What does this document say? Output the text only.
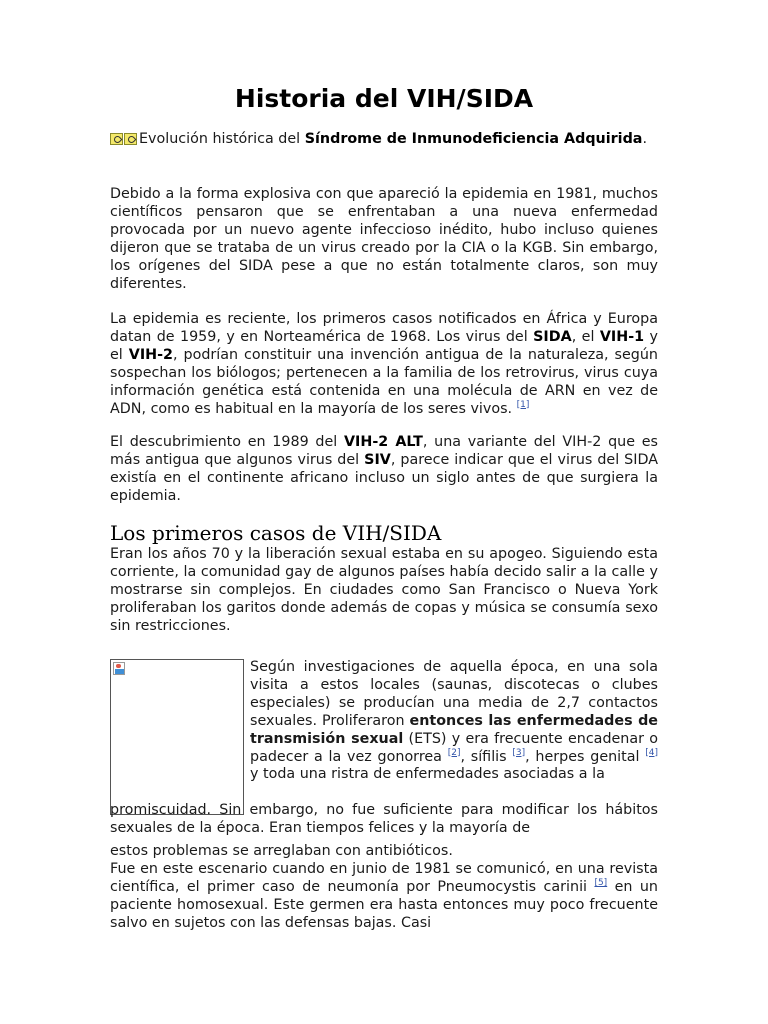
Historia del VIH/SIDA

Evolución histórica del Síndrome de Inmunodeficiencia Adquirida.

Debido a la forma explosiva con que apareció la epidemia en 1981, muchos científicos pensaron que se enfrentaban a una nueva enfermedad provocada por un nuevo agente infeccioso inédito, hubo incluso quienes dijeron que se trataba de un virus creado por la CIA o la KGB. Sin embargo, los orígenes del SIDA pese a que no están totalmente claros, son muy diferentes.

La epidemia es reciente, los primeros casos notificados en África y Europa datan de 1959, y en Norteamérica de 1968. Los virus del SIDA, el VIH-1 y el VIH-2, podrían constituir una invención antigua de la naturaleza, según sospechan los biólogos; pertenecen a la familia de los retrovirus, virus cuya información genética está contenida en una molécula de ARN en vez de ADN, como es habitual en la mayoría de los seres vivos. [1]

El descubrimiento en 1989 del VIH-2 ALT, una variante del VIH-2 que es más antigua que algunos virus del SIV, parece indicar que el virus del SIDA existía en el continente africano incluso un siglo antes de que surgiera la epidemia.

Los primeros casos de VIH/SIDA

Eran los años 70 y la liberación sexual estaba en su apogeo. Siguiendo esta corriente, la comunidad gay de algunos países había decido salir a la calle y mostrarse sin complejos. En ciudades como San Francisco o Nueva York proliferaban los garitos donde además de copas y música se consumía sexo sin restricciones.

Según investigaciones de aquella época, en una sola visita a estos locales (saunas, discotecas o clubes especiales) se producían una media de 2,7 contactos sexuales. Proliferaron entonces las enfermedades de transmisión sexual (ETS) y era frecuente encadenar o padecer a la vez gonorrea [2], sífilis [3], herpes genital [4] y toda una ristra de enfermedades asociadas a la

promiscuidad. Sin embargo, no fue suficiente para modificar los hábitos sexuales de la época. Eran tiempos felices y la mayoría de

estos problemas se arreglaban con antibióticos.

Fue en este escenario cuando en junio de 1981 se comunicó, en una revista científica, el primer caso de neumonía por Pneumocystis carinii [5] en un paciente homosexual. Este germen era hasta entonces muy poco frecuente salvo en sujetos con las defensas bajas. Casi
